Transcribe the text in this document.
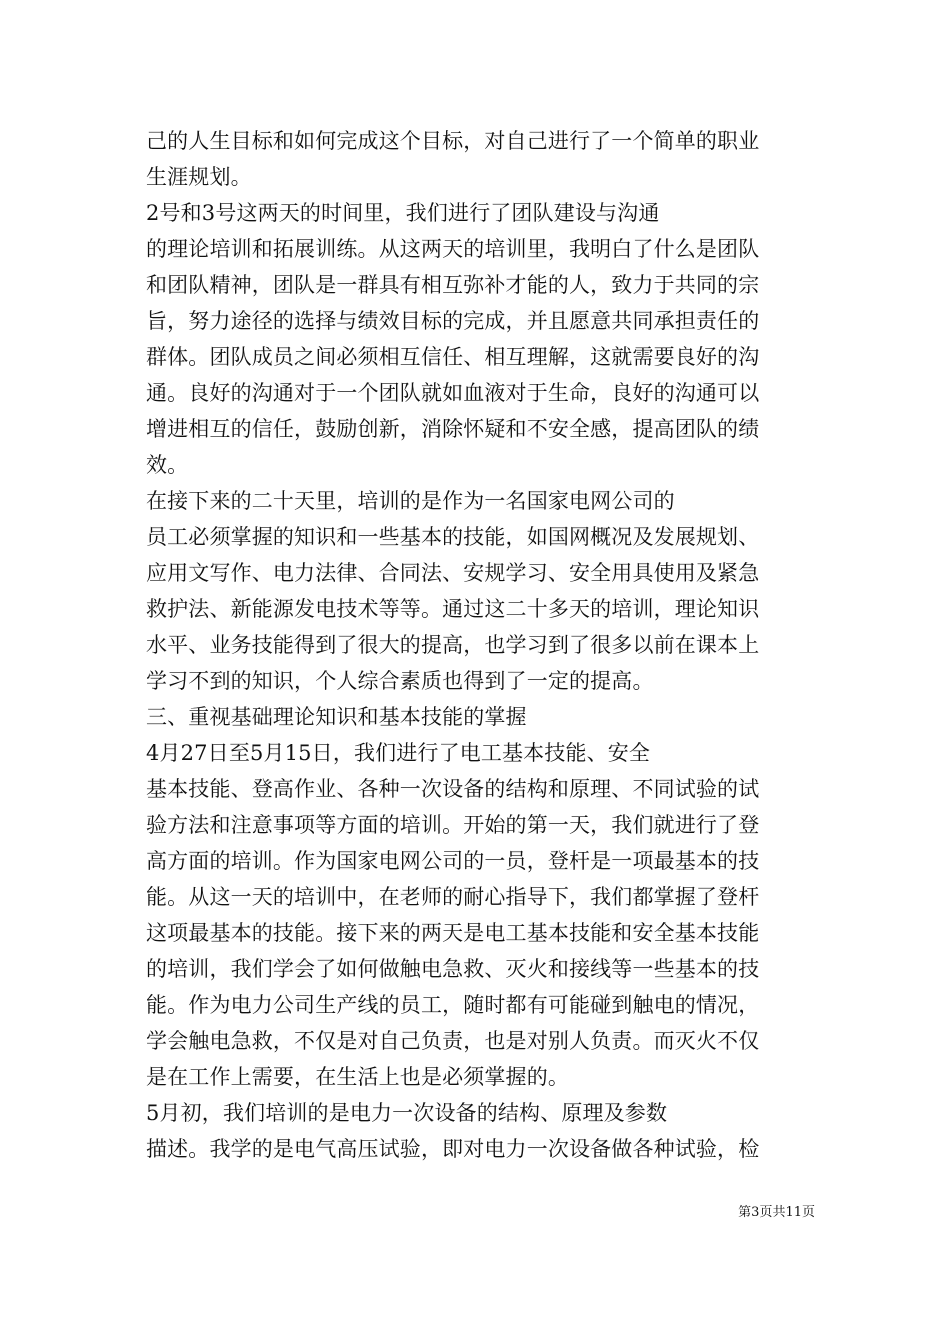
己的人生目标和如何完成这个目标，对自己进行了一个简单的职业
生涯规划。
2号和3号这两天的时间里，我们进行了团队建设与沟通
的理论培训和拓展训练。从这两天的培训里，我明白了什么是团队
和团队精神，团队是一群具有相互弥补才能的人，致力于共同的宗
旨，努力途径的选择与绩效目标的完成，并且愿意共同承担责任的
群体。团队成员之间必须相互信任、相互理解，这就需要良好的沟
通。良好的沟通对于一个团队就如血液对于生命，良好的沟通可以
增进相互的信任，鼓励创新，消除怀疑和不安全感，提高团队的绩
效。
在接下来的二十天里，培训的是作为一名国家电网公司的
员工必须掌握的知识和一些基本的技能，如国网概况及发展规划、
应用文写作、电力法律、合同法、安规学习、安全用具使用及紧急
救护法、新能源发电技术等等。通过这二十多天的培训，理论知识
水平、业务技能得到了很大的提高，也学习到了很多以前在课本上
学习不到的知识，个人综合素质也得到了一定的提高。
三、重视基础理论知识和基本技能的掌握
4月27日至5月15日，我们进行了电工基本技能、安全
基本技能、登高作业、各种一次设备的结构和原理、不同试验的试
验方法和注意事项等方面的培训。开始的第一天，我们就进行了登
高方面的培训。作为国家电网公司的一员，登杆是一项最基本的技
能。从这一天的培训中，在老师的耐心指导下，我们都掌握了登杆
这项最基本的技能。接下来的两天是电工基本技能和安全基本技能
的培训，我们学会了如何做触电急救、灭火和接线等一些基本的技
能。作为电力公司生产线的员工，随时都有可能碰到触电的情况，
学会触电急救，不仅是对自己负责，也是对别人负责。而灭火不仅
是在工作上需要，在生活上也是必须掌握的。
5月初，我们培训的是电力一次设备的结构、原理及参数
描述。我学的是电气高压试验，即对电力一次设备做各种试验，检
第3页共11页
